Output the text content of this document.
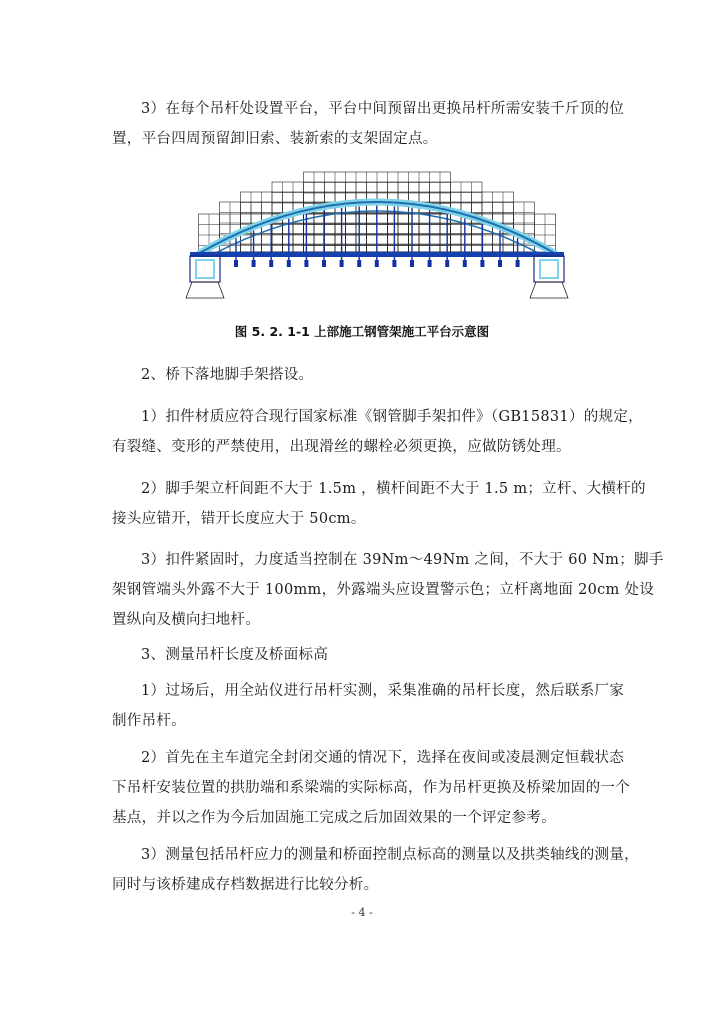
3）在每个吊杆处设置平台，平台中间预留出更换吊杆所需安装千斤顶的位
置，平台四周预留卸旧索、装新索的支架固定点。

图 5. 2. 1-1 上部施工钢管架施工平台示意图

2、桥下落地脚手架搭设。

1）扣件材质应符合现行国家标准《钢管脚手架扣件》（GB15831）的规定，
有裂缝、变形的严禁使用，出现滑丝的螺栓必须更换，应做防锈处理。

2）脚手架立杆间距不大于 1.5m ，横杆间距不大于 1.5 m；立杆、大横杆的
接头应错开，错开长度应大于 50cm。

3）扣件紧固时，力度适当控制在 39Nm～49Nm 之间，不大于 60 Nm；脚手
架钢管端头外露不大于 100mm，外露端头应设置警示色；立杆离地面 20cm 处设
置纵向及横向扫地杆。

3、测量吊杆长度及桥面标高

1）过场后，用全站仪进行吊杆实测，采集准确的吊杆长度，然后联系厂家
制作吊杆。

2）首先在主车道完全封闭交通的情况下，选择在夜间或凌晨测定恒载状态
下吊杆安装位置的拱肋端和系梁端的实际标高，作为吊杆更换及桥梁加固的一个
基点，并以之作为今后加固施工完成之后加固效果的一个评定参考。

3）测量包括吊杆应力的测量和桥面控制点标高的测量以及拱类轴线的测量，
同时与该桥建成存档数据进行比较分析。

- 4 -
